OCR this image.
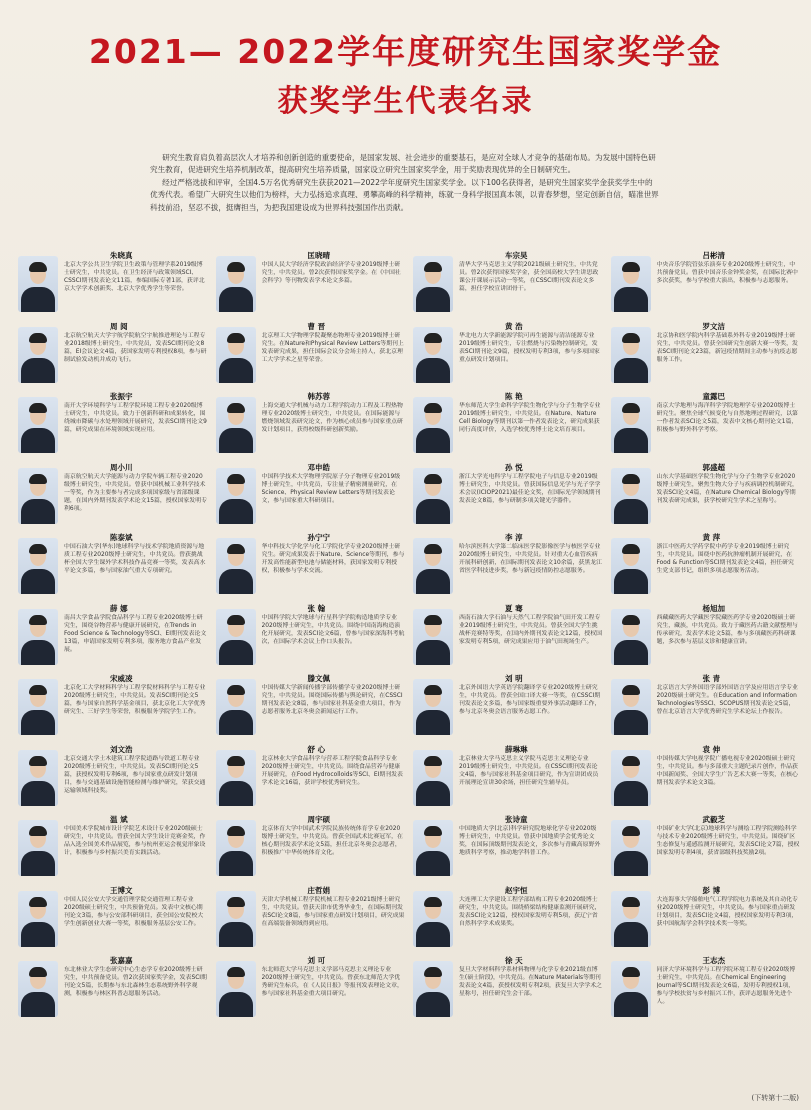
2021— 2022学年度研究生国家奖学金
获奖学生代表名录

研究生教育肩负着高层次人才培养和创新创造的重要使命，是国家发展、社会进步的重要基石，是应对全球人才竞争的基础布局。为发展中国特色研究生教育，促进研究生培养机制改革，提高研究生培养质量，国家设立研究生国家奖学金，用于奖励表现优异的全日制研究生。

经过严格选拔和评审，全国4.5万名优秀研究生获获2021—2022学年度研究生国家奖学金。以下100名获得者，是研究生国家奖学金获奖学生中的优秀代表。希望广大研究生以他们为榜样，大力弘扬追求真理、勇攀高峰的科学精神，练就一身科学报国真本领，以青春梦想，坚定创新自信，瞄准世界科技前沿，坚忍不拔，挺膺担当，为把我国建设成为世界科技强国作出贡献。

朱晓真
北京大学公共卫生学院卫生政策与管理学系2019级博士研究生，中共党员。在卫生经济与政策领域SCI、CSSCI期刊发表论文11篇，参编国际专著1部，获评北京大学学术创新奖、北京大学优秀学生等荣誉。
匡晓晴
中国人民大学经济学院政治经济学专业2019级博士研究生，中共党员。曾2次获得国家奖学金。在《中国社会科学》等刊物发表学术论文多篇。
车宗昊
清华大学马克思主义学院2021级硕士研究生，中共党员。曾2次获得国家奖学金，获全国高校大学生讲思政课公开课展示活动一等奖，在CSSCI期刊发表论文多篇，担任学校宣讲团骨干。
吕彬清
中央音乐学院管弦乐演奏专业2020级博士研究生，中共预备党员。曾获中国音乐金钟奖金奖，在国际比赛中多次获奖，参与学校重大演出，积极参与志愿服务。
周 阅
北京航空航天大学宇航学院航空宇航推进理论与工程专业2018级博士研究生，中共党员，发表SCI期刊论文8篇，EI会议论文4篇，获国家发明专利授权8项，参与研制试验发动机并成功飞行。
曹 晋
北京理工大学物理学院凝聚态物理专业2019级博士研究生。在Nature和Physical Review Letters等期刊上发表研究成果，担任国际会议分会场主持人，获北京理工大学学术之星等荣誉。
黄 浩
华北电力大学新能源学院可再生能源与清洁能源专业2019级博士研究生，专注燃烧与污染物控制研究，发表SCI期刊论文9篇，授权发明专利3项，参与多项国家重点研发计划项目。
罗文洁
北京协和医学院内科学基础系外科专业2019级博士研究生，中共党员。曾获全国研究生创新大赛一等奖，发表SCI期刊论文23篇，新冠疫情期间主动参与抗疫志愿服务工作。
张振宇
南开大学环境科学与工程学院环境工程专业2020级博士研究生，中共党员。致力于创新科研和成果转化，围绕城市降碳与水处理领域开展研究，发表SCI期刊论文9篇，研究成果在环境领域实现应用。
韩苏蓉
上海交通大学机械与动力工程学院动力工程及工程热物理专业2020级博士研究生，中共党员。在国际能源与燃烧领域发表研究论文，作为核心成员参与国家重点研发计划项目，获得校级科研创新奖励。
陈 艳
华东师范大学生命科学学院生物化学与分子生物学专业2019级博士研究生，中共党员。在Nature、Nature Cell Biology等期刊以第一作者发表论文，研究成果获同行高度评价，入选学校优秀博士论文培育项目。
童露巴
南京大学地理与海洋科学学院地理学专业2020级博士研究生。聚焦全球气候变化与自然地理过程研究，以第一作者发表SCI论文5篇，发表中文核心期刊论文1篇，积极参与野外科学考察。
周小川
南京航空航天大学能源与动力学院车辆工程专业2020级博士研究生，中共党员。曾获中国机械工业科学技术一等奖，作为主要参与者完成多项国家级与省部级课题，在国内外期刊发表学术论文15篇，授权国家发明专利6项。
邓申皓
中国科学技术大学物理学院原子分子物理专业2019级博士研究生，中共党员，专注量子精密测量研究，在Science、Physical Review Letters等期刊发表论文，参与国家重大科研项目。
孙 悦
浙江大学光电科学与工程学院电子与信息专业2019级博士研究生，中共党员。曾获国际信息光学与光子学学术会议(ICIOP2021)最佳论文奖，在国际光学领域期刊发表论文8篇，参与研制多项关键光学器件。
郭盛超
山东大学基础医学院生物化学与分子生物学专业2020级博士研究生，聚焦生物大分子与疾病调控机制研究，发表SCI论文4篇，在Nature Chemical Biology等期刊发表研究成果，获学校研究生学术之星称号。
陈泰斌
中国石油大学(华东)地球科学与技术学院地质资源与地质工程专业2020级博士研究生，中共党员。曾获挑战杯全国大学生课外学术科技作品竞赛一等奖，发表高水平论文多篇，参与国家油气重大专项研究。
孙宁宁
华中科技大学化学与化工学院化学专业2020级博士研究生。研究成果发表于Nature、Science等期刊，参与开发高性能新型电池与储能材料，获国家发明专利授权，积极参与学术交流。
李 淳
哈尔滨医科大学第二临床医学院影像医学与核医学专业2020级博士研究生，中共党员。针对重大心血管疾病开展科研创新，在国际期刊发表论文10余篇，获黑龙江省医学科技进步奖，参与新冠疫情防控志愿服务。
黄 萍
浙江中医药大学药学院中药学专业2019级博士研究生，中共党员。围绕中医药抗肿瘤机制开展研究，在Food & Function等SCI期刊发表论文4篇，担任研究生党支部书记，组织多项志愿服务活动。
薛 娜
南昌大学食品学院食品科学与工程专业2020级博士研究生，围绕谷物营养与健康开展研究，在Trends in Food Science & Technology等SCI、EI期刊发表论文13篇，申请国家发明专利多项，服务地方食品产业发展。
张 翰
中国科学院大学地球与行星科学学院构造地质学专业2020级博士研究生，中共党员。围绕中国南海构造演化开展研究，发表SCI论文6篇，曾参与国家深海科考航次，在国际学术会议上作口头报告。
夏 骞
西南石油大学石油与天然气工程学院油气田开发工程专业2019级博士研究生，中共党员。曾获全国大学生挑战杯竞赛特等奖，在国内外期刊发表论文12篇，授权国家发明专利5项，研究成果应用于油气田现场生产。
杨旭加
西藏藏医药大学藏医学院藏医药学专业2020级硕士研究生，藏族，中共党员。致力于藏医药古籍文献整理与传承研究，发表学术论文5篇，参与多项藏医药科研课题，多次参与基层义诊和健康宣讲。
宋威凌
北京化工大学材料科学与工程学院材料科学与工程专业2020级博士研究生，中共党员。发表SCI期刊论文5篇，参与国家自然科学基金项目，获北京化工大学优秀研究生、三好学生等荣誉，积极服务学院学生工作。
滕文佩
中国传媒大学新闻传播学部传播学专业2020级博士研究生，中共党员。围绕国际传播与舆论研究，在CSSCI期刊发表论文8篇，参与国家社科基金重大项目，作为志愿者服务北京冬奥会新闻运行工作。
刘 明
北京外国语大学英语学院翻译学专业2020级博士研究生，中共党员。曾获全国口译大赛一等奖，在CSSCI期刊发表论文多篇，参与国家级重要外事活动翻译工作，参与北京冬奥会语言服务志愿工作。
张 青
北京语言大学外国语学部外国语言学及应用语言学专业2020级硕士研究生。在Education and Information Technologies等SSCI、SCOPUS期刊发表论文5篇，曾在北京语言大学优秀研究生学术论坛上作报告。
刘文浩
北京交通大学土木建筑工程学院道路与铁道工程专业2020级博士研究生，中共党员。发表SCI期刊论文5篇，获授权发明专利6项，参与国家重点研发计划项目，参与交通基础设施智能检测与维护研究，荣获交通运输领域科技奖。
舒 心
北京林业大学食品科学与营养工程学院食品科学专业2020级博士研究生，中共党员。围绕食品营养与健康开展研究，在Food Hydrocolloids等SCI、EI期刊发表学术论文16篇，获评学校优秀研究生。
薛琳琳
北京林业大学马克思主义学院马克思主义理论专业2019级博士研究生，中共党员。在CSSCI期刊发表论文4篇，参与国家社科基金项目研究，作为宣讲团成员开展理论宣讲30余场，担任研究生辅导员。
袁 伸
中国传媒大学电视学院广播电视专业2020级硕士研究生，中共党员。参与多部重大主题纪录片创作，作品获中国新闻奖、全国大学生广告艺术大赛一等奖，在核心期刊发表学术论文3篇。
温 斌
中国美术学院城市设计学院艺术设计专业2020级硕士研究生，中共党员。曾获全国大学生设计竞赛金奖，作品入选全国美术作品展览，参与杭州亚运会视觉形象设计，积极参与乡村振兴美育实践活动。
周宇硕
北京体育大学中国武术学院民族传统体育学专业2020级博士研究生，中共党员。曾获全国武术比赛冠军，在核心期刊发表学术论文5篇，担任北京冬奥会志愿者，积极推广中华传统体育文化。
张诗童
中国地质大学(北京)科学研究院地球化学专业2020级博士研究生，中共党员。曾获中国地质学会优秀论文奖，在国际顶级期刊发表论文，多次参与青藏高原野外地质科学考察，推动地学科普工作。
武毅芝
中国矿业大学(北京)地球科学与测绘工程学院测绘科学与技术专业2020级博士研究生，中共党员。围绕矿区生态修复与遥感监测开展研究，发表SCI论文7篇，授权国家发明专利4项，获省部级科技奖励2项。
王博文
中国人民公安大学交通管理学院交通管理工程专业2020级硕士研究生，中共预备党员。发表中文核心期刊论文3篇，参与公安部科研项目，获全国公安院校大学生创新创业大赛一等奖，积极服务基层公安工作。
庄哲娟
天津大学机械工程学院机械工程专业2021级博士研究生，中共党员。曾获天津市优秀毕业生，在国际期刊发表SCI论文8篇，参与国家重点研发计划项目，研究成果在高端装备领域得到应用。
赵宇恒
大连理工大学建设工程学部结构工程专业2020级博士研究生，中共党员。围绕桥梁结构健康监测开展研究，发表SCI论文12篇，授权国家发明专利5项，获辽宁省自然科学学术成果奖。
彭 博
大连海事大学船舶电气工程学院电力系统及其自动化专业2020级博士研究生，中共党员。参与国家重点研发计划项目，发表SCI论文4篇，授权国家发明专利3项，获中国航海学会科学技术奖一等奖。
张嘉嘉
东北林业大学生态研究中心生态学专业2020级博士研究生，中共预备党员。曾2次获国家奖学金，发表SCI期刊论文5篇，长期参与东北森林生态系统野外科学观测，积极参与林区科普志愿服务活动。
刘 可
东北师范大学马克思主义学部马克思主义理论专业2020级博士研究生，中共党员。曾获东北师范大学优秀研究生标兵，在《人民日报》等报刊发表理论文章，参与国家社科基金重大项目研究。
徐 天
复旦大学材料科学系材料物理与化学专业2021级直博生(硕士阶段)，中共党员。在Nature Materials等期刊发表论文4篇，获授权发明专利2项，获复旦大学学术之星称号，担任研究生会干部。
王志杰
同济大学环境科学与工程学院环境工程专业2020级博士研究生，中共党员。在Chemical Engineering Journal等SCI期刊发表论文6篇，发明专利授权1项，参与学校扶贫与乡村振兴工作，获评志愿服务先进个人。
(下转第十二版)
